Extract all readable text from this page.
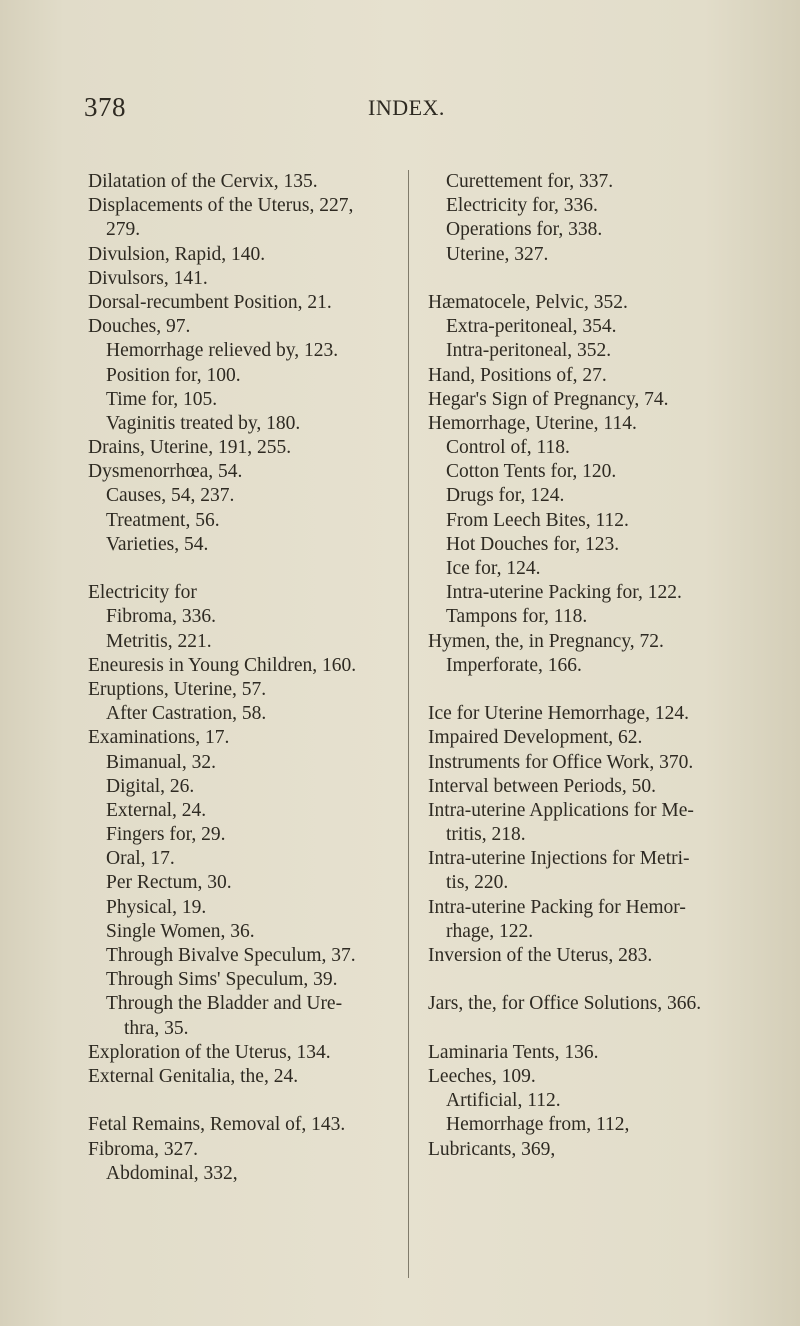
378	INDEX.
Dilatation of the Cervix, 135.
Displacements of the Uterus, 227,
279.
Divulsion, Rapid, 140.
Divulsors, 141.
Dorsal-recumbent Position, 21.
Douches, 97.
Hemorrhage relieved by, 123.
Position for, 100.
Time for, 105.
Vaginitis treated by, 180.
Drains, Uterine, 191, 255.
Dysmenorrhœa, 54.
Causes, 54, 237.
Treatment, 56.
Varieties, 54.
Electricity for
Fibroma, 336.
Metritis, 221.
Eneuresis in Young Children, 160.
Eruptions, Uterine, 57.
After Castration, 58.
Examinations, 17.
Bimanual, 32.
Digital, 26.
External, 24.
Fingers for, 29.
Oral, 17.
Per Rectum, 30.
Physical, 19.
Single Women, 36.
Through Bivalve Speculum, 37.
Through Sims' Speculum, 39.
Through the Bladder and Ure-
thra, 35.
Exploration of the Uterus, 134.
External Genitalia, the, 24.
Fetal Remains, Removal of, 143.
Fibroma, 327.
Abdominal, 332,
Curettement for, 337.
Electricity for, 336.
Operations for, 338.
Uterine, 327.
Hæmatocele, Pelvic, 352.
Extra-peritoneal, 354.
Intra-peritoneal, 352.
Hand, Positions of, 27.
Hegar's Sign of Pregnancy, 74.
Hemorrhage, Uterine, 114.
Control of, 118.
Cotton Tents for, 120.
Drugs for, 124.
From Leech Bites, 112.
Hot Douches for, 123.
Ice for, 124.
Intra-uterine Packing for, 122.
Tampons for, 118.
Hymen, the, in Pregnancy, 72.
Imperforate, 166.
Ice for Uterine Hemorrhage, 124.
Impaired Development, 62.
Instruments for Office Work, 370.
Interval between Periods, 50.
Intra-uterine Applications for Me-
tritis, 218.
Intra-uterine Injections for Metri-
tis, 220.
Intra-uterine Packing for Hemor-
rhage, 122.
Inversion of the Uterus, 283.
Jars, the, for Office Solutions, 366.
Laminaria Tents, 136.
Leeches, 109.
Artificial, 112.
Hemorrhage from, 112,
Lubricants, 369,
